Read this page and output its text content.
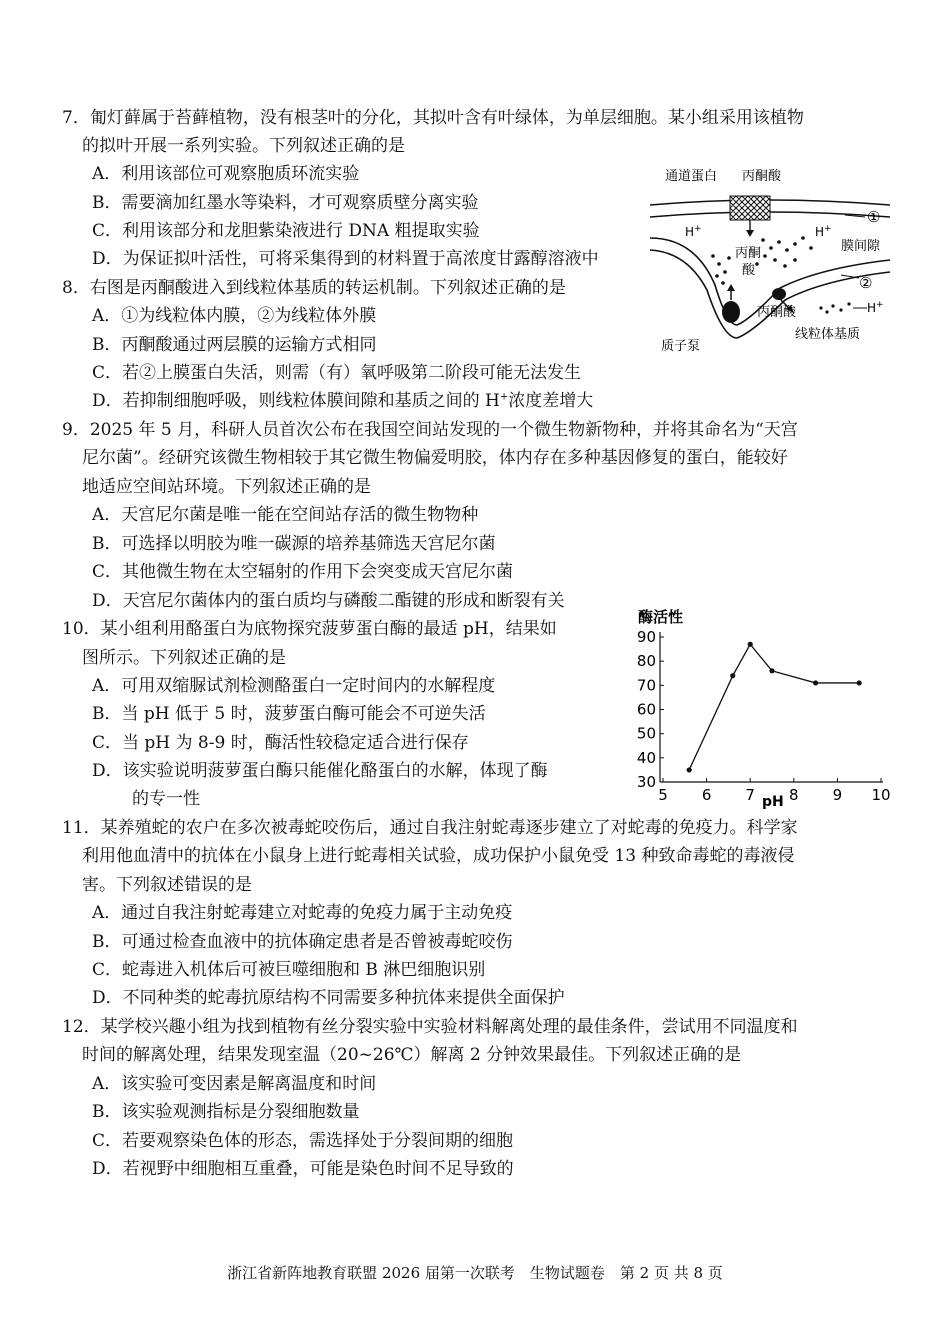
7．匍灯藓属于苔藓植物，没有根茎叶的分化，其拟叶含有叶绿体，为单层细胞。某小组采用该植物
的拟叶开展一系列实验。下列叙述正确的是
A．利用该部位可观察胞质环流实验
B．需要滴加红墨水等染料，才可观察质壁分离实验
C．利用该部分和龙胆紫染液进行 DNA 粗提取实验
D．为保证拟叶活性，可将采集得到的材料置于高浓度甘露醇溶液中
8．右图是丙酮酸进入到线粒体基质的转运机制。下列叙述正确的是
A．①为线粒体内膜，②为线粒体外膜
B．丙酮酸通过两层膜的运输方式相同
C．若②上膜蛋白失活，则需（有）氧呼吸第二阶段可能无法发生
D．若抑制细胞呼吸，则线粒体膜间隙和基质之间的 H+浓度差增大
9．2025 年 5 月，科研人员首次公布在我国空间站发现的一个微生物新物种，并将其命名为“天宫
尼尔菌”。经研究该微生物相较于其它微生物偏爱明胶，体内存在多种基因修复的蛋白，能较好
地适应空间站环境。下列叙述正确的是
A．天宫尼尔菌是唯一能在空间站存活的微生物物种
B．可选择以明胶为唯一碳源的培养基筛选天宫尼尔菌
C．其他微生物在太空辐射的作用下会突变成天宫尼尔菌
D．天宫尼尔菌体内的蛋白质均与磷酸二酯键的形成和断裂有关
10．某小组利用酪蛋白为底物探究菠萝蛋白酶的最适 pH，结果如
图所示。下列叙述正确的是
A．可用双缩脲试剂检测酪蛋白一定时间内的水解程度
B．当 pH 低于 5 时，菠萝蛋白酶可能会不可逆失活
C．当 pH 为 8-9 时，酶活性较稳定适合进行保存
D．该实验说明菠萝蛋白酶只能催化酪蛋白的水解，体现了酶
的专一性
11．某养殖蛇的农户在多次被毒蛇咬伤后，通过自我注射蛇毒逐步建立了对蛇毒的免疫力。科学家
利用他血清中的抗体在小鼠身上进行蛇毒相关试验，成功保护小鼠免受 13 种致命毒蛇的毒液侵
害。下列叙述错误的是
A．通过自我注射蛇毒建立对蛇毒的免疫力属于主动免疫
B．可通过检查血液中的抗体确定患者是否曾被毒蛇咬伤
C．蛇毒进入机体后可被巨噬细胞和 B 淋巴细胞识别
D．不同种类的蛇毒抗原结构不同需要多种抗体来提供全面保护
12．某学校兴趣小组为找到植物有丝分裂实验中实验材料解离处理的最佳条件，尝试用不同温度和
时间的解离处理，结果发现室温（20~26℃）解离 2 分钟效果最佳。下列叙述正确的是
A．该实验可变因素是解离温度和时间
B．该实验观测指标是分裂细胞数量
C．若要观察染色体的形态，需选择处于分裂间期的细胞
D．若视野中细胞相互重叠，可能是染色时间不足导致的
通道蛋白 丙酮酸
①
膜间隙
H+	H+
丙酮
酸
②
丙酮酸	H+
线粒体基质
质子泵
酶活性
30
40
50
60
70
80
90
5 6 7 8 9 10
pH
浙江省新阵地教育联盟 2026 届第一次联考　生物试题卷　第 2 页 共 8 页
